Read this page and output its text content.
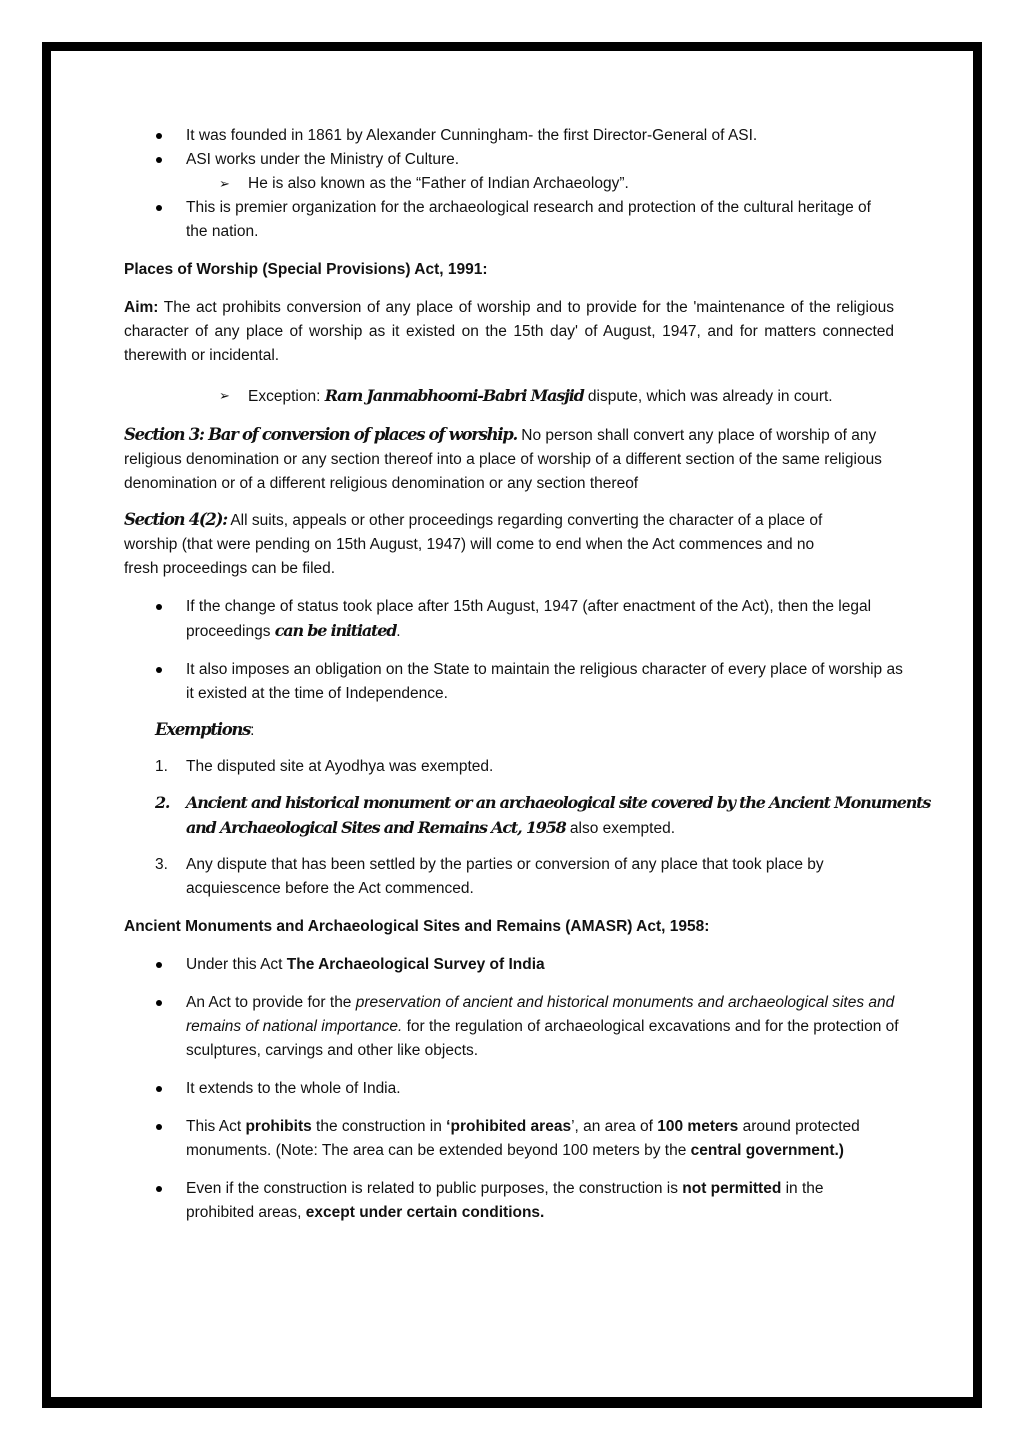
It was founded in 1861 by Alexander Cunningham- the first Director-General of ASI.

ASI works under the Ministry of Culture.

➢ He is also known as the “Father of Indian Archaeology”.

This is premier organization for the archaeological research and protection of the cultural heritage of the nation.

Places of Worship (Special Provisions) Act, 1991:

Aim: The act prohibits conversion of any place of worship and to provide for the 'maintenance of the religious character of any place of worship as it existed on the 15th day' of August, 1947, and for matters connected therewith or incidental.

➢ Exception: Ram Janmabhoomi-Babri Masjid dispute, which was already in court.

Section 3: Bar of conversion of places of worship. No person shall convert any place of worship of any religious denomination or any section thereof into a place of worship of a different section of the same religious denomination or of a different religious denomination or any section thereof

Section 4(2): All suits, appeals or other proceedings regarding converting the character of a place of worship (that were pending on 15th August, 1947) will come to end when the Act commences and no fresh proceedings can be filed.

If the change of status took place after 15th August, 1947 (after enactment of the Act), then the legal proceedings can be initiated.

It also imposes an obligation on the State to maintain the religious character of every place of worship as it existed at the time of Independence.

Exemptions:

1. The disputed site at Ayodhya was exempted.

2. Ancient and historical monument or an archaeological site covered by the Ancient Monuments and Archaeological Sites and Remains Act, 1958 also exempted.

3. Any dispute that has been settled by the parties or conversion of any place that took place by acquiescence before the Act commenced.

Ancient Monuments and Archaeological Sites and Remains (AMASR) Act, 1958:

Under this Act The Archaeological Survey of India

An Act to provide for the preservation of ancient and historical monuments and archaeological sites and remains of national importance. for the regulation of archaeological excavations and for the protection of sculptures, carvings and other like objects.

It extends to the whole of India.

This Act prohibits the construction in ‘prohibited areas’, an area of 100 meters around protected monuments. (Note: The area can be extended beyond 100 meters by the central government.)

Even if the construction is related to public purposes, the construction is not permitted in the prohibited areas, except under certain conditions.
